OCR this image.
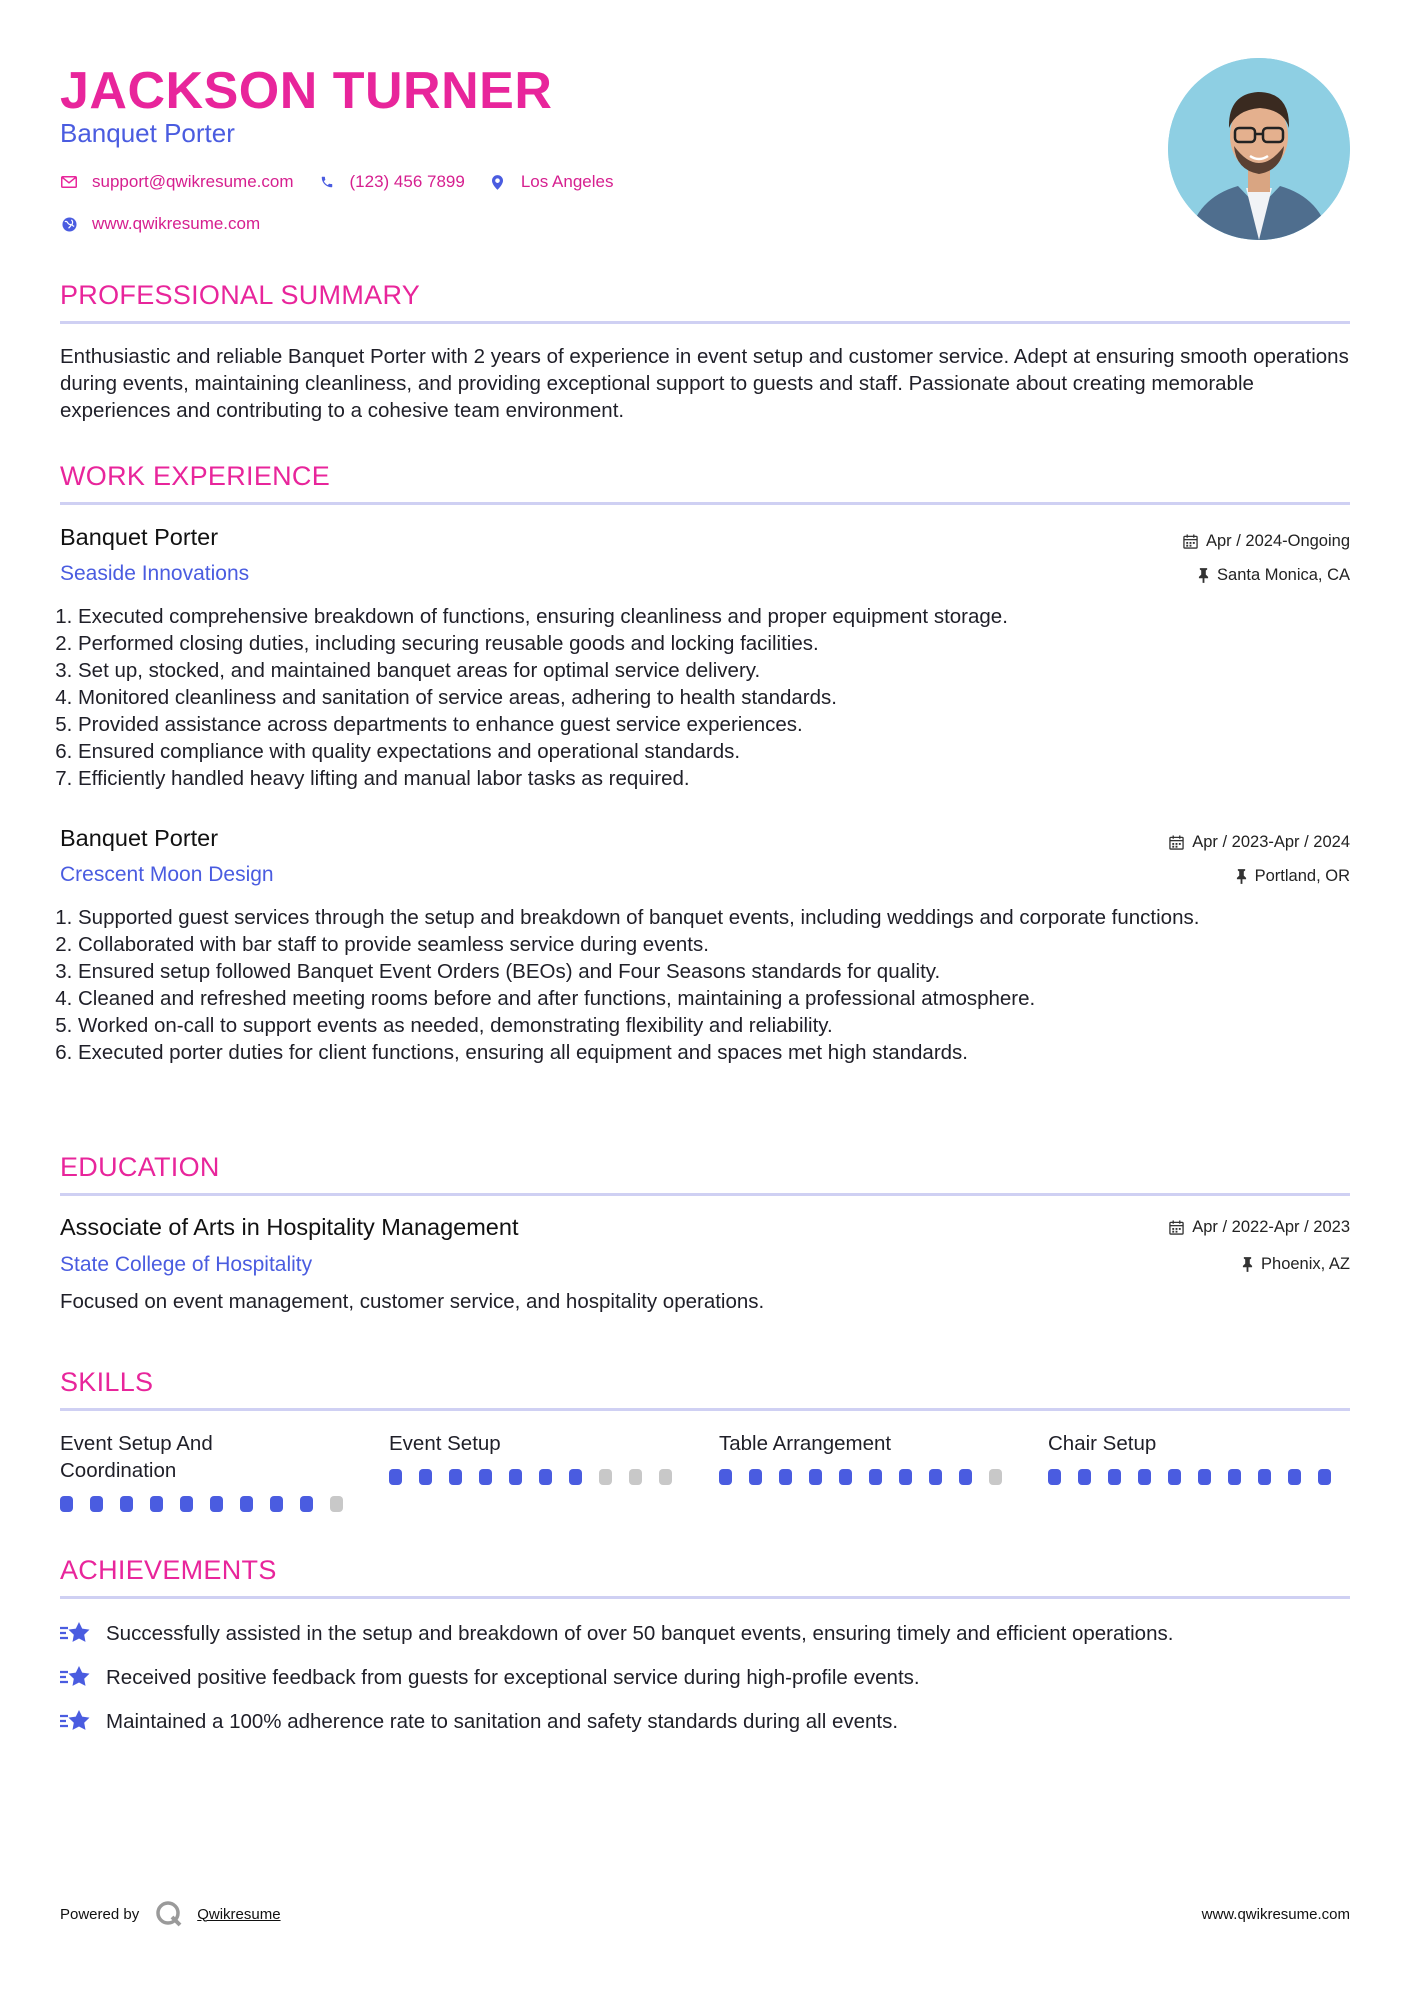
JACKSON TURNER
Banquet Porter
support@qwikresume.com	(123) 456 7899	Los Angeles
www.qwikresume.com
PROFESSIONAL SUMMARY

Enthusiastic and reliable Banquet Porter with 2 years of experience in event setup and customer service. Adept at ensuring smooth operations during events, maintaining cleanliness, and providing exceptional support to guests and staff. Passionate about creating memorable experiences and contributing to a cohesive team environment.

WORK EXPERIENCE
Banquet Porter	Apr / 2024-Ongoing
Seaside Innovations	Santa Monica, CA
1. Executed comprehensive breakdown of functions, ensuring cleanliness and proper equipment storage.
2. Performed closing duties, including securing reusable goods and locking facilities.
3. Set up, stocked, and maintained banquet areas for optimal service delivery.
4. Monitored cleanliness and sanitation of service areas, adhering to health standards.
5. Provided assistance across departments to enhance guest service experiences.
6. Ensured compliance with quality expectations and operational standards.
7. Efficiently handled heavy lifting and manual labor tasks as required.
Banquet Porter	Apr / 2023-Apr / 2024
Crescent Moon Design	Portland, OR
1. Supported guest services through the setup and breakdown of banquet events, including weddings and corporate functions.
2. Collaborated with bar staff to provide seamless service during events.
3. Ensured setup followed Banquet Event Orders (BEOs) and Four Seasons standards for quality.
4. Cleaned and refreshed meeting rooms before and after functions, maintaining a professional atmosphere.
5. Worked on-call to support events as needed, demonstrating flexibility and reliability.
6. Executed porter duties for client functions, ensuring all equipment and spaces met high standards.
EDUCATION
Associate of Arts in Hospitality Management	Apr / 2022-Apr / 2023
State College of Hospitality	Phoenix, AZ

Focused on event management, customer service, and hospitality operations.

SKILLS
Event Setup And Coordination
Event Setup	Table Arrangement	Chair Setup
ACHIEVEMENTS
Successfully assisted in the setup and breakdown of over 50 banquet events, ensuring timely and efficient operations.
Received positive feedback from guests for exceptional service during high-profile events.
Maintained a 100% adherence rate to sanitation and safety standards during all events.
Powered by	Qwikresume	www.qwikresume.com
